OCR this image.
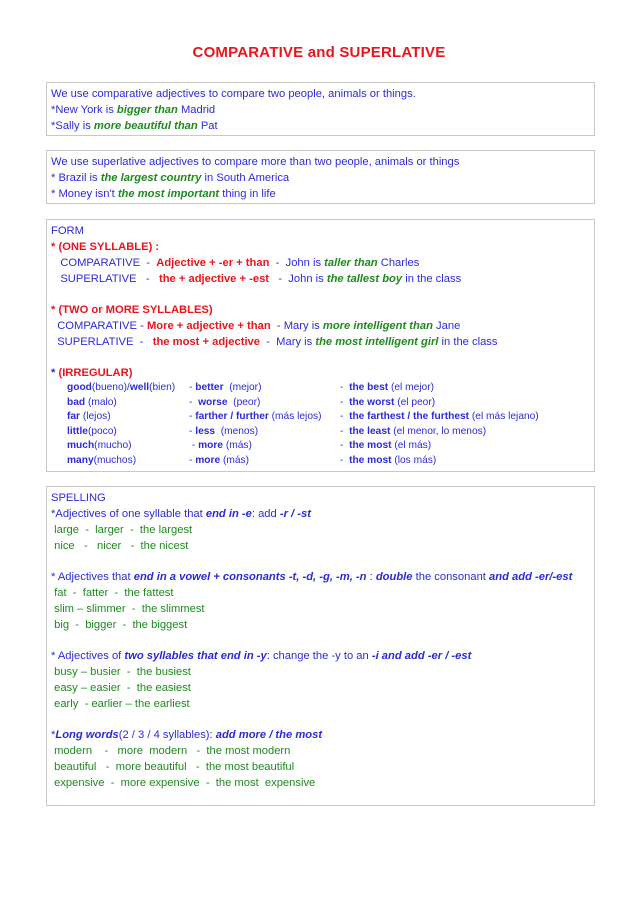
COMPARATIVE and SUPERLATIVE
We use comparative adjectives to compare two people, animals or things.
*New York is bigger than Madrid
*Sally is more beautiful than Pat
We use superlative adjectives to compare more than two people, animals or things
* Brazil is the largest country in South America
* Money isn't the most important thing in life
FORM
* (ONE SYLLABLE) :
COMPARATIVE  -  Adjective + -er + than  -  John is taller than Charles
SUPERLATIVE   -   the + adjective + -est   -  John is the tallest boy in the class
* (TWO or MORE SYLLABLES)
COMPARATIVE - More + adjective + than  - Mary is more intelligent than Jane
SUPERLATIVE  -   the most + adjective  -  Mary is the most intelligent girl in the class
* (IRREGULAR)
good(bueno)/well(bien) - better  (mejor)	-  the best (el mejor)
bad (malo)	-  worse  (peor)	-  the worst (el peor)
far (lejos)	- farther / further (más lejos) -  the farthest / the furthest (el más lejano)
little(poco)	- less  (menos)	-  the least (el menor, lo menos)
much(mucho)	- more (más)	-  the most (el más)
many(muchos)	- more (más)	-  the most (los más)
SPELLING
*Adjectives of one syllable that end in -e: add -r / -st
large  -  larger  -  the largest
nice   -   nicer   -  the nicest
* Adjectives that end in a vowel + consonants -t, -d, -g, -m, -n : double the consonant and add -er/-est
fat  -  fatter  -  the fattest
slim – slimmer  -  the slimmest
big  -  bigger  -  the biggest
* Adjectives of two syllables that end in -y: change the -y to an -i and add -er / -est
busy – busier  -  the busiest
easy – easier  -  the easiest
early  - earlier – the earliest
*Long words(2 / 3 / 4 syllables): add more / the most
modern    -   more  modern   -  the most modern
beautiful   -  more beautiful   -  the most beautiful
expensive  -  more expensive  -  the most  expensive
